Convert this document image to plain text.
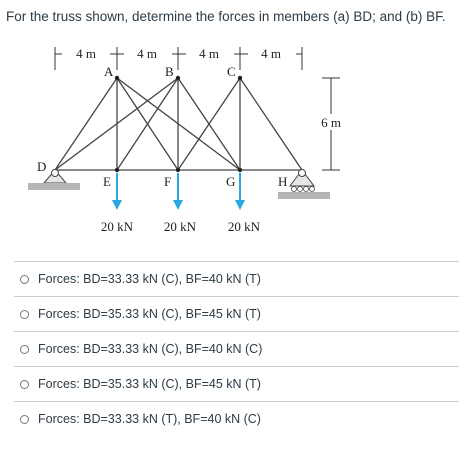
For the truss shown, determine the forces in members (a) BD; and (b) BF.
4 m	4 m	4 m	4 m
6 m
A	B	C
D
E	F	G	H
20 kN 20 kN 20 kN
Forces: BD=33.33 kN (C), BF=40 kN (T)
Forces: BD=35.33 kN (C), BF=45 kN (T)
Forces: BD=33.33 kN (C), BF=40 kN (C)
Forces: BD=35.33 kN (C), BF=45 kN (T)
Forces: BD=33.33 kN (T), BF=40 kN (C)
